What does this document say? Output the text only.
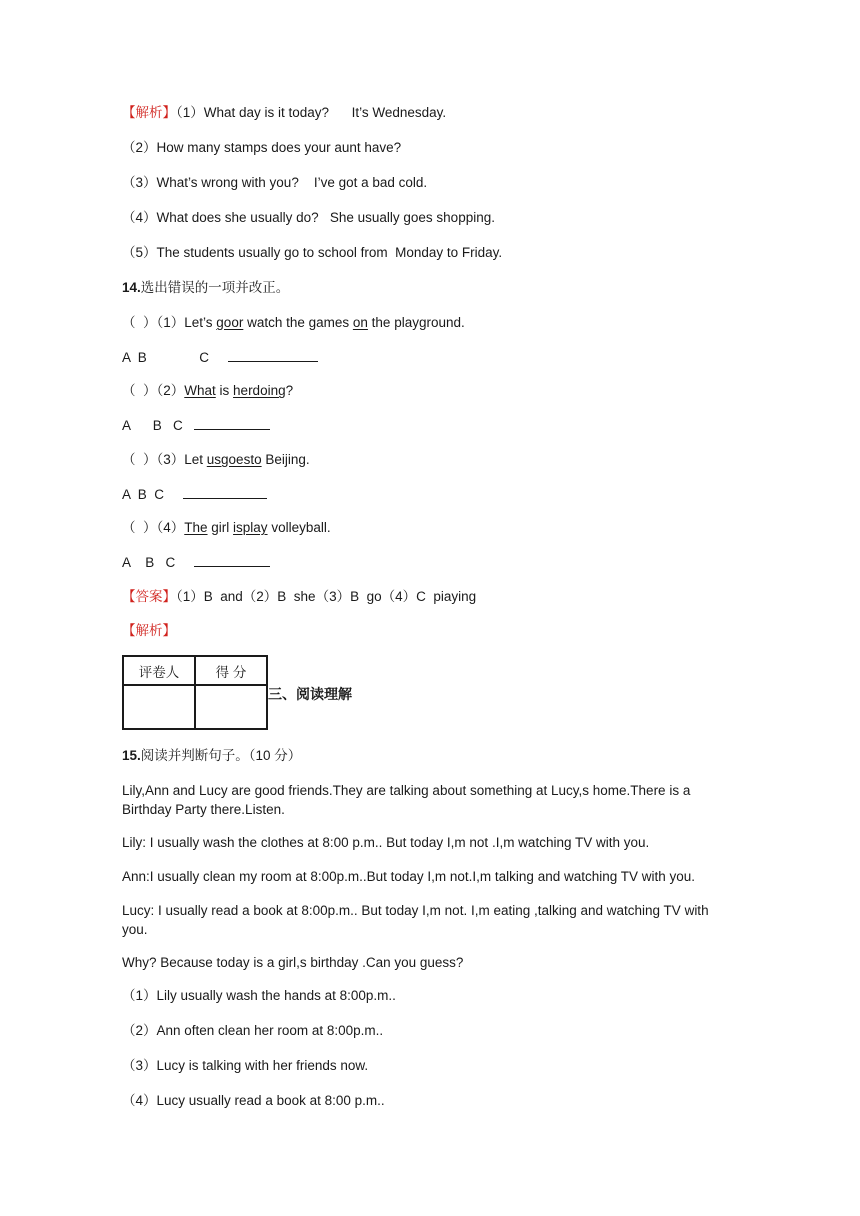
【解析】（1）What day is it today?      It’s Wednesday.
（2）How many stamps does your aunt have?
（3）What’s wrong with you?    I’ve got a bad cold.
（4）What does she usually do?   She usually goes shopping.
（5）The students usually go to school from  Monday to Friday.
14.选出错误的一项并改正。
（  ）（1）Let’s goor watch the games on the playground.
A  B              C
（  ）（2）What is herdoing?
A      B   C
（  ）（3）Let usgoesto Beijing.
A  B  C
（  ）（4）The girl isplay volleyball.
A    B   C
【答案】（1）B  and（2）B  she（3）B  go（4）C  piaying
【解析】
15.阅读并判断句子。（10 分）
Lily,Ann and Lucy are good friends.They are talking about something at Lucy,s home.There is a Birthday Party there.Listen.
Lily: I usually wash the clothes at 8:00 p.m.. But today I,m not .I,m watching TV with you.
Ann:I usually clean my room at 8:00p.m..But today I,m not.I,m talking and watching TV with you.
Lucy: I usually read a book at 8:00p.m.. But today I,m not. I,m eating ,talking and watching TV with you.
Why? Because today is a girl,s birthday .Can you guess?
（1）Lily usually wash the hands at 8:00p.m..
（2）Ann often clean her room at 8:00p.m..
（3）Lucy is talking with her friends now.
（4）Lucy usually read a book at 8:00 p.m..
评卷人	得 分

三、阅读理解
